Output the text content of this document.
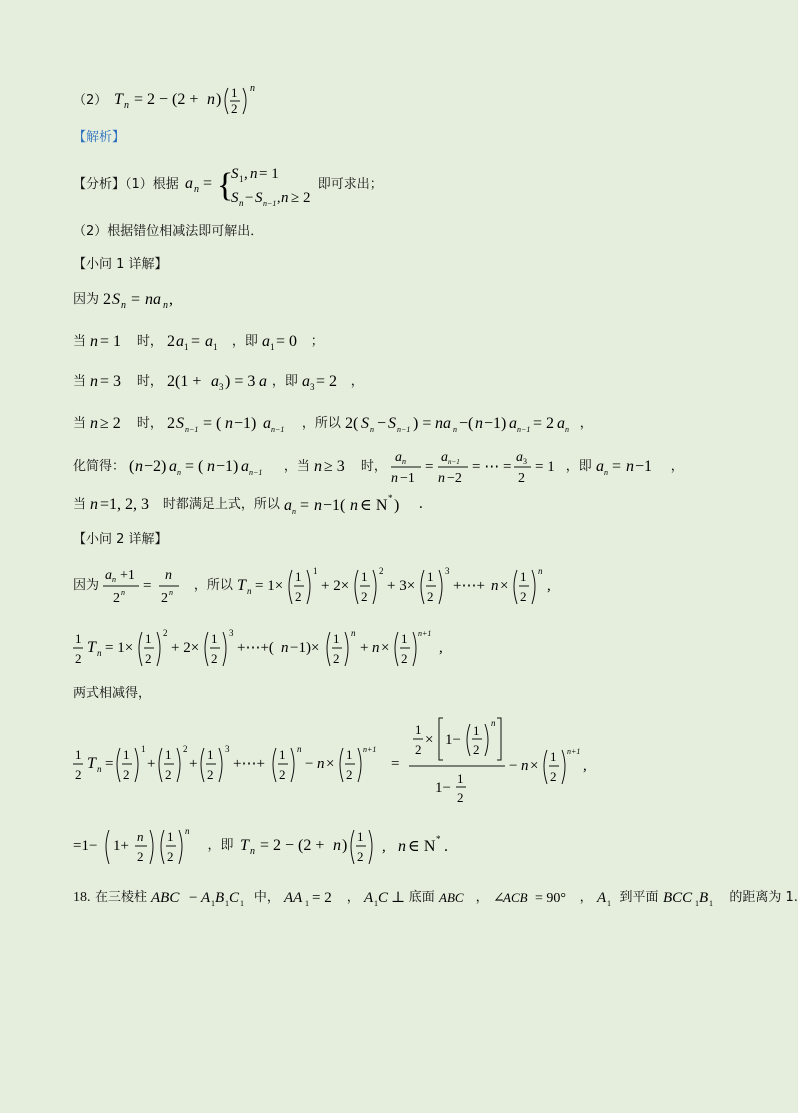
（2） T n = 2 − (2 + n ) 1
2
n
【解析】
【分析】（1）根据 a n = {
S 1 , n = 1
S n − S n−1 , n ≥ 2
即可求出；
（2）根据错位相减法即可解出．
【小问 1 详解】
因为 2 S n = na n ,
当 n = 1 时， 2 a 1 = a 1 ，即 a 1 = 0 ；
当 n = 3 时， 2(1 + a 3 ) = 3 a ，即 a 3 = 2 ，
当 n ≥ 2 时， 2 S n−1 = ( n −1) a n−1 ，所以 2( S n − S n−1 ) = na n −( n −1) a n−1 = 2 a n ，
化简得： ( n −2) a n = ( n −1) a n−1 ，当 n ≥ 3 时，
a n
n −1
=
a n−1
n −2
= ⋯ =
a 3
2
= 1 ，即 a n = n −1 ，
当 n =1, 2, 3 时都满足上式，所以 a n = n −1( n ∈ N * ) .
【小问 2 详解】
因为
a n +1
2 n =
n
2 n ，所以 T n = 1×
1
2
1
+ 2×
1
2
2
+ 3×
1
2
3
+⋯+ n ×
1
2
n
,
1
2
T n = 1×
1
2
2
+ 2×
1
2
3
+⋯+( n −1)×
1
2
n
+ n ×
1
2
n+1
,
两式相减得，
1
2
T n =
1
2
1
+
1
2
2
+
1
2
3
+⋯+
1
2
n
− n ×
1
2
n+1
=
1
2
× 1−
1
2
n
1−
1
2
− n ×
1
2
n+1
,
=1− 1+
n
2
1
2
n
，即 T n = 2 − (2 + n )
1
2

, n ∈ N * .
18. 在三棱柱 ABC − A 1 B 1 C 1 中， AA 1 = 2 ， A 1 C ⊥ 底面 ABC ， ∠
ACB = 90° ， A 1 到平面 BCC 1 B 1 的距离为 1.
